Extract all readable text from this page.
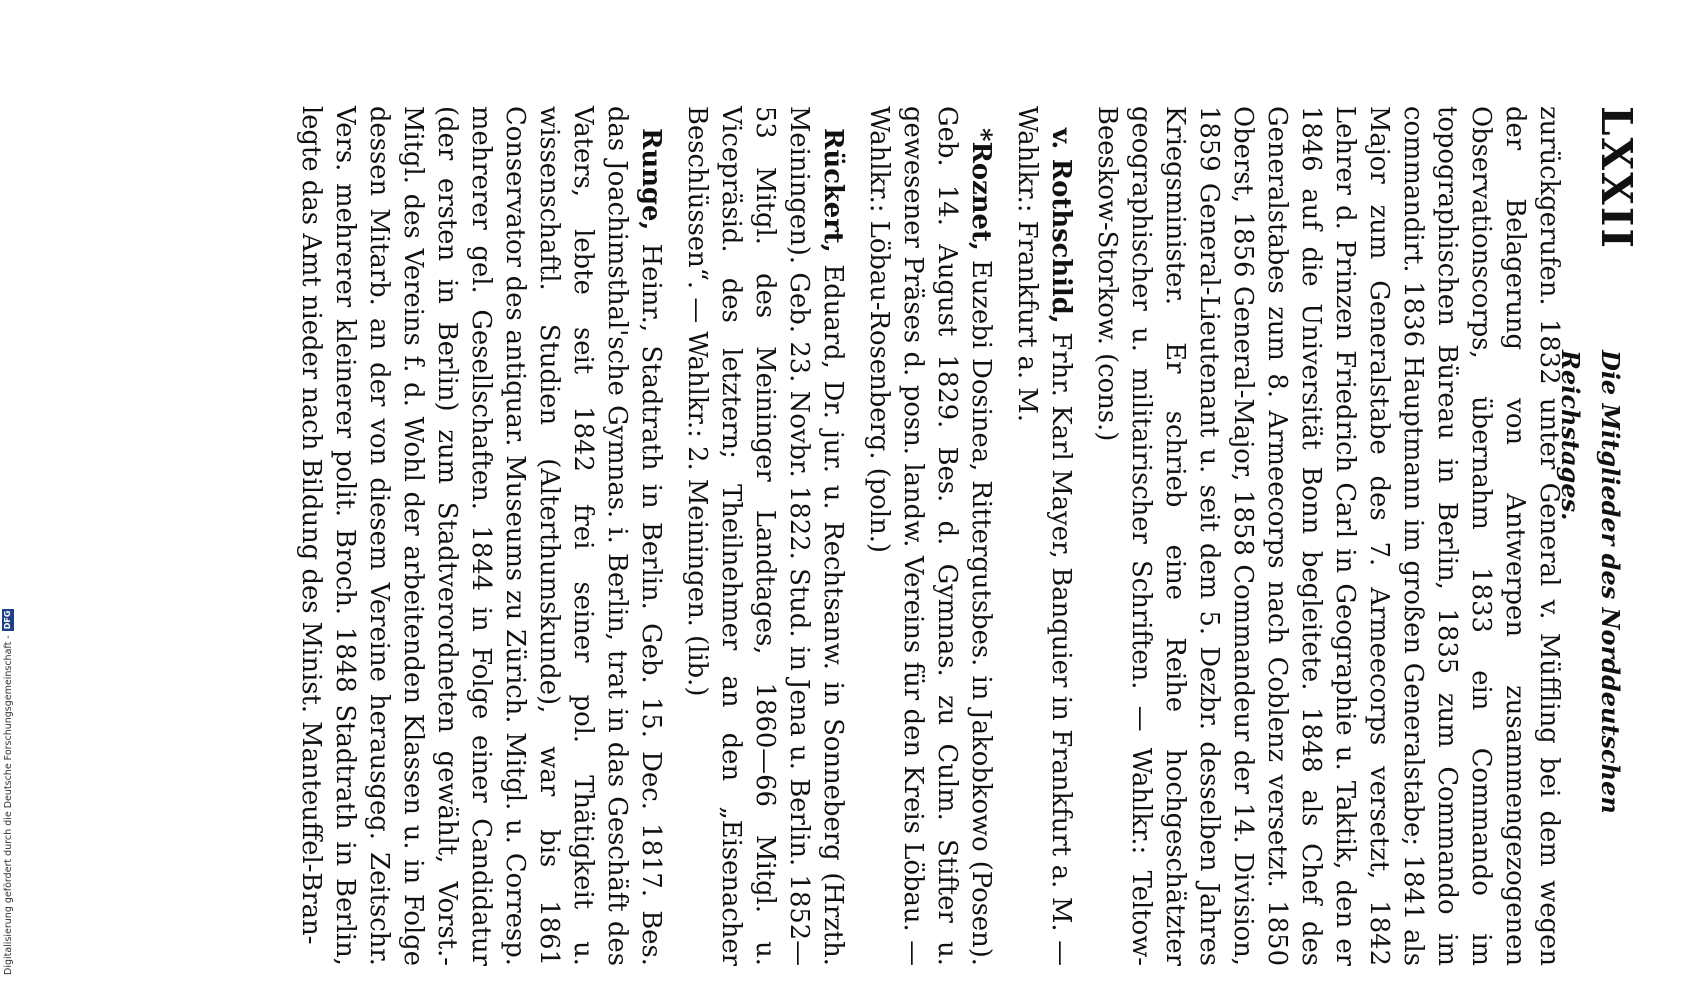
Digitalisierung gefördert durch die Deutsche Forschungsgemeinschaft -
DFG
LXXII
Die Mitglieder des Norddeutschen Reichstages.

zurückgerufen. 1832 unter General v. Müffling bei dem wegen der Belagerung von Antwerpen zusammengezogenen Observationscorps, übernahm 1833 ein Commando im topographischen Büreau in Berlin, 1835 zum Commando im commandirt. 1836 Hauptmann im großen Generalstabe; 1841 als Major zum Generalstabe des 7. Armeecorps versetzt, 1842 Lehrer d. Prinzen Friedrich Carl in Geographie u. Taktik, den er 1846 auf die Universität Bonn begleitete. 1848 als Chef des Generalstabes zum 8. Armeecorps nach Coblenz versetzt. 1850 Oberst, 1856 General-Major, 1858 Commandeur der 14. Division, 1859 General-Lieutenant u. seit dem 5. Dezbr. desselben Jahres Kriegsminister. Er schrieb eine Reihe hochgeschätzter geographischer u. militairischer Schriften. — Wahlkr.: Teltow-Beeskow-Storkow. (cons.)

v. Rothschild, Frhr. Karl Mayer, Banquier in Frankfurt a. M. — Wahlkr.: Frankfurt a. M.

*Roznet, Euzebi Dosinea, Rittergutsbes. in Jakobkowo (Posen). Geb. 14. August 1829. Bes. d. Gymnas. zu Culm. Stifter u. gewesener Präses d. posn. landw. Vereins für den Kreis Löbau. — Wahlkr.: Löbau-Rosenberg. (poln.)

Rückert, Eduard, Dr. jur. u. Rechtsanw. in Sonneberg (Hrzth. Meiningen). Geb. 23. Novbr. 1822. Stud. in Jena u. Berlin. 1852—53 Mitgl. des Meininger Landtages, 1860—66 Mitgl. u. Vicepräsid. des letztern; Theilnehmer an den „Eisenacher Beschlüssen“. — Wahlkr.: 2. Meiningen. (lib.)

Runge, Heinr., Stadtrath in Berlin. Geb. 15. Dec. 1817. Bes. das Joachimsthal'sche Gymnas. i. Berlin, trat in das Geschäft des Vaters, lebte seit 1842 frei seiner pol. Thätigkeit u. wissenschaftl. Studien (Alterthumskunde), war bis 1861 Conservator des antiquar. Museums zu Zürich. Mitgl. u. Corresp. mehrerer gel. Gesellschaften. 1844 in Folge einer Candidatur (der ersten in Berlin) zum Stadtverordneten gewählt, Vorst.-Mitgl. des Vereins f. d. Wohl der arbeitenden Klassen u. in Folge dessen Mitarb. an der von diesem Vereine herausgeg. Zeitschr. Vers. mehrerer kleinerer polit. Broch. 1848 Stadtrath in Berlin, legte das Amt nieder nach Bildung des Minist. Manteuffel-Bran-
